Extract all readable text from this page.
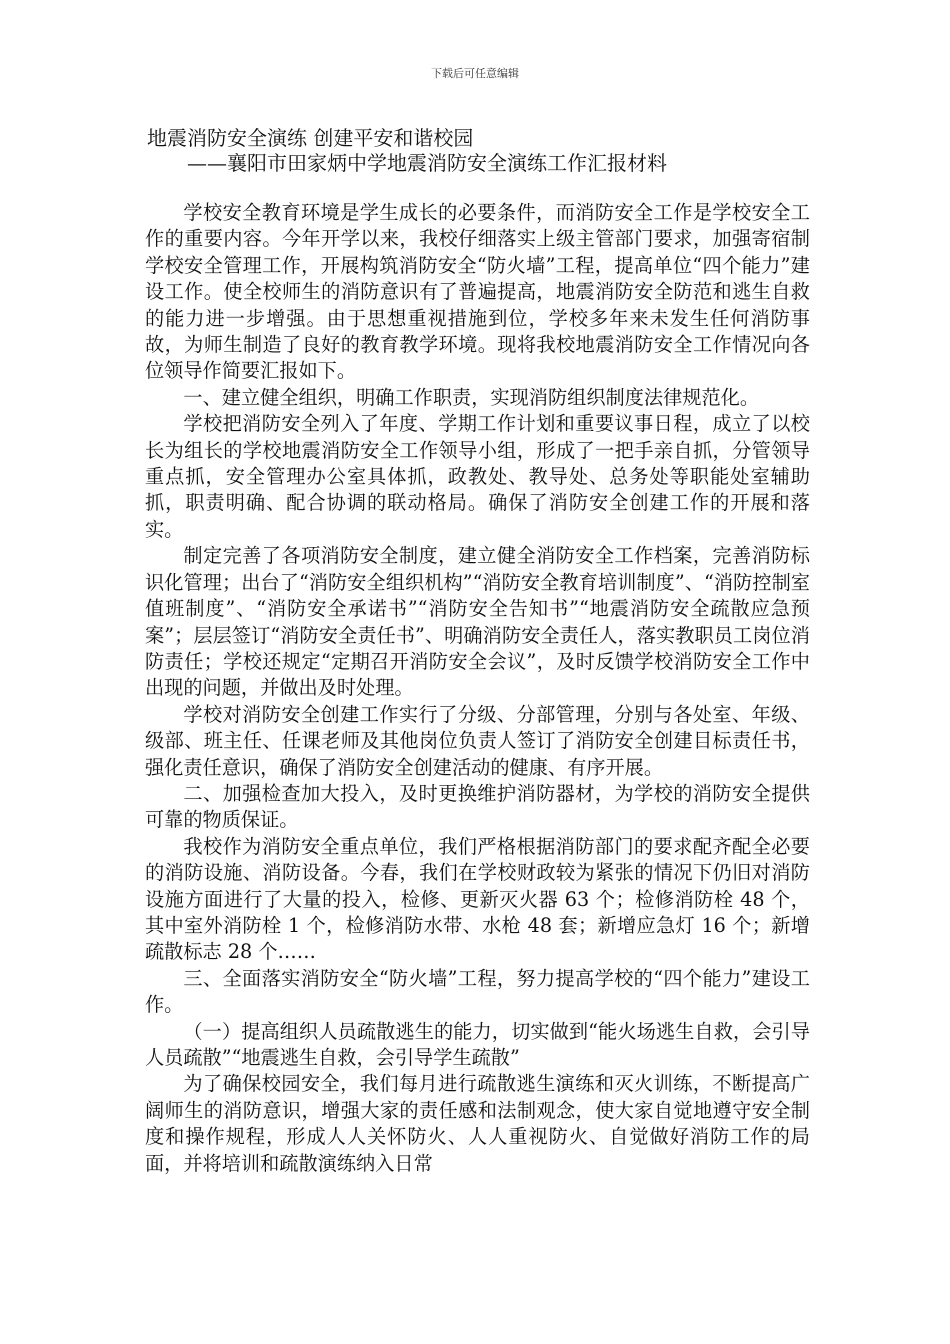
下载后可任意编辑
地震消防安全演练 创建平安和谐校园
——襄阳市田家炳中学地震消防安全演练工作汇报材料

学校安全教育环境是学生成长的必要条件，而消防安全工作是学校安全工作的重要内容。今年开学以来，我校仔细落实上级主管部门要求，加强寄宿制学校安全管理工作，开展构筑消防安全“防火墙”工程，提高单位“四个能力”建设工作。使全校师生的消防意识有了普遍提高，地震消防安全防范和逃生自救的能力进一步增强。由于思想重视措施到位，学校多年来未发生任何消防事故，为师生制造了良好的教育教学环境。现将我校地震消防安全工作情况向各位领导作简要汇报如下。

一、建立健全组织，明确工作职责，实现消防组织制度法律规范化。

学校把消防安全列入了年度、学期工作计划和重要议事日程，成立了以校长为组长的学校地震消防安全工作领导小组，形成了一把手亲自抓，分管领导重点抓，安全管理办公室具体抓，政教处、教导处、总务处等职能处室辅助抓，职责明确、配合协调的联动格局。确保了消防安全创建工作的开展和落实。

制定完善了各项消防安全制度，建立健全消防安全工作档案，完善消防标识化管理；出台了“消防安全组织机构”“消防安全教育培训制度”、“消防控制室值班制度”、“消防安全承诺书”“消防安全告知书”“地震消防安全疏散应急预案”；层层签订“消防安全责任书”、明确消防安全责任人，落实教职员工岗位消防责任；学校还规定“定期召开消防安全会议”，及时反馈学校消防安全工作中出现的问题，并做出及时处理。

学校对消防安全创建工作实行了分级、分部管理，分别与各处室、年级、级部、班主任、任课老师及其他岗位负责人签订了消防安全创建目标责任书，强化责任意识，确保了消防安全创建活动的健康、有序开展。

二、加强检查加大投入，及时更换维护消防器材，为学校的消防安全提供可靠的物质保证。

我校作为消防安全重点单位，我们严格根据消防部门的要求配齐配全必要的消防设施、消防设备。今春，我们在学校财政较为紧张的情况下仍旧对消防设施方面进行了大量的投入，检修、更新灭火器 63 个；检修消防栓 48 个，其中室外消防栓 1 个，检修消防水带、水枪 48 套；新增应急灯 16 个；新增疏散标志 28 个……

三、全面落实消防安全“防火墙”工程，努力提高学校的“四个能力”建设工作。

（一）提高组织人员疏散逃生的能力，切实做到“能火场逃生自救，会引导人员疏散”“地震逃生自救，会引导学生疏散”

为了确保校园安全，我们每月进行疏散逃生演练和灭火训练，不断提高广阔师生的消防意识，增强大家的责任感和法制观念，使大家自觉地遵守安全制度和操作规程，形成人人关怀防火、人人重视防火、自觉做好消防工作的局面，并将培训和疏散演练纳入日常
